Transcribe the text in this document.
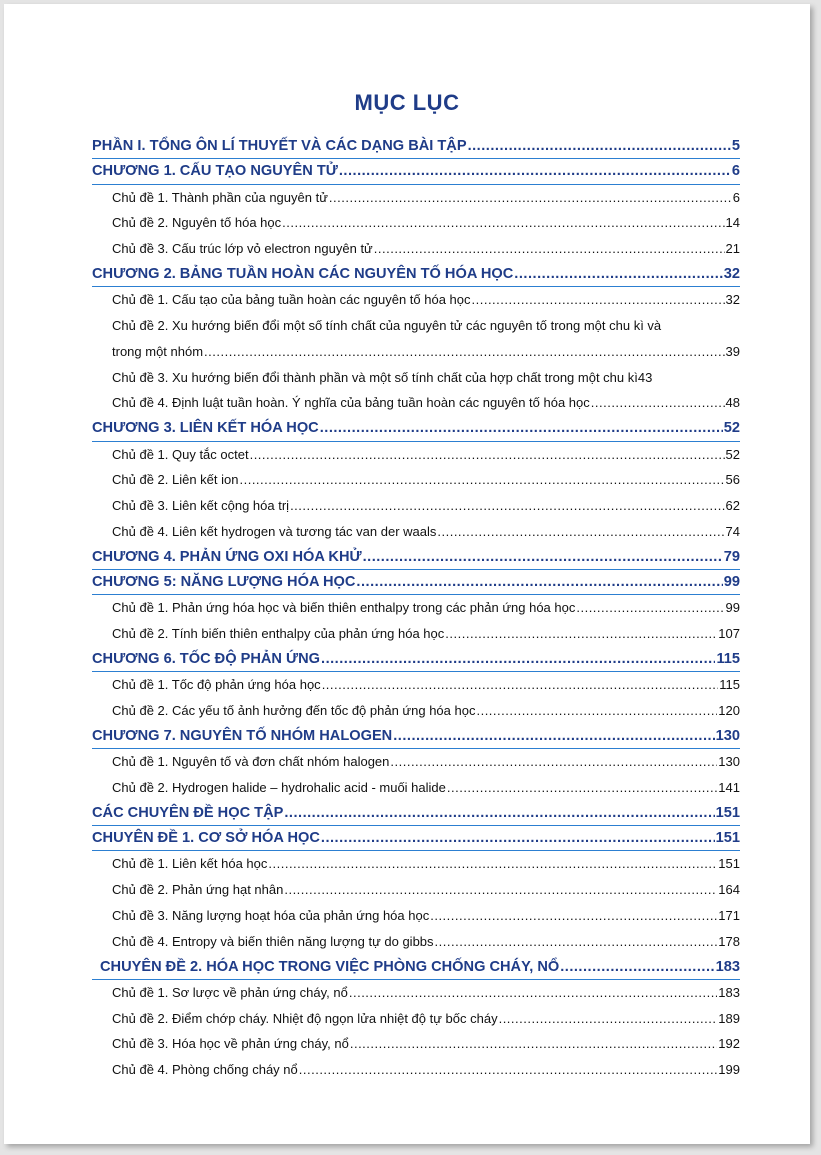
MỤC LỤC
PHẦN I. TỔNG ÔN LÍ THUYẾT VÀ CÁC DẠNG BÀI TẬP .....	5
CHƯƠNG 1. CẤU TẠO NGUYÊN TỬ .....	6
Chủ đề 1. Thành phần của nguyên tử .....	6
Chủ đề 2. Nguyên tố hóa học .....	14
Chủ đề 3. Cấu trúc lớp vỏ electron nguyên tử .....	21
CHƯƠNG 2. BẢNG TUẦN HOÀN CÁC NGUYÊN TỐ HÓA HỌC .....	32
Chủ đề 1. Cấu tạo của bảng tuần hoàn các nguyên tố hóa học .....	32
Chủ đề 2. Xu hướng biến đổi một số tính chất của nguyên tử các nguyên tố trong một chu kì và
trong một nhóm .....	39
Chủ đề 3. Xu hướng biến đổi thành phần và một số tính chất của hợp chất trong một chu kì 43
Chủ đề 4. Định luật tuần hoàn. Ý nghĩa của bảng tuần hoàn các nguyên tố hóa học .....	48
CHƯƠNG 3. LIÊN KẾT HÓA HỌC .....	52
Chủ đề 1. Quy tắc octet .....	52
Chủ đề 2. Liên kết ion .....	56
Chủ đề 3. Liên kết cộng hóa trị .....	62
Chủ đề 4. Liên kết hydrogen và tương tác van der waals .....	74
CHƯƠNG 4. PHẢN ỨNG OXI HÓA KHỬ .....	79
CHƯƠNG 5: NĂNG LƯỢNG HÓA HỌC .....	99
Chủ đề 1. Phản ứng hóa học và biến thiên enthalpy trong các phản ứng hóa học .....	99
Chủ đề 2. Tính biến thiên enthalpy của phản ứng hóa học .....	107
CHƯƠNG 6. TỐC ĐỘ PHẢN ỨNG .....	115
Chủ đề 1. Tốc độ phản ứng hóa học .....	115
Chủ đề 2. Các yếu tố ảnh hưởng đến tốc độ phản ứng hóa học .....	120
CHƯƠNG 7. NGUYÊN TỐ NHÓM HALOGEN .....	130
Chủ đề 1. Nguyên tố và đơn chất nhóm halogen .....	130
Chủ đề 2. Hydrogen halide – hydrohalic acid - muối halide .....	141
CÁC CHUYÊN ĐỀ HỌC TẬP .....	151
CHUYÊN ĐỀ 1. CƠ SỞ HÓA HỌC .....	151
Chủ đề 1. Liên kết hóa học .....	151
Chủ đề 2. Phản ứng hạt nhân .....	164
Chủ đề 3. Năng lượng hoạt hóa của phản ứng hóa học .....	171
Chủ đề 4. Entropy và biến thiên năng lượng tự do gibbs .....	178
CHUYÊN ĐỀ 2. HÓA HỌC TRONG VIỆC PHÒNG CHỐNG CHÁY, NỔ .....	183
Chủ đề 1. Sơ lược về phản ứng cháy, nổ .....	183
Chủ đề 2. Điểm chớp cháy. Nhiệt độ ngọn lửa nhiệt độ tự bốc cháy .....	189
Chủ đề 3. Hóa học về phản ứng cháy, nổ .....	192
Chủ đề 4. Phòng chống cháy nổ .....	199
